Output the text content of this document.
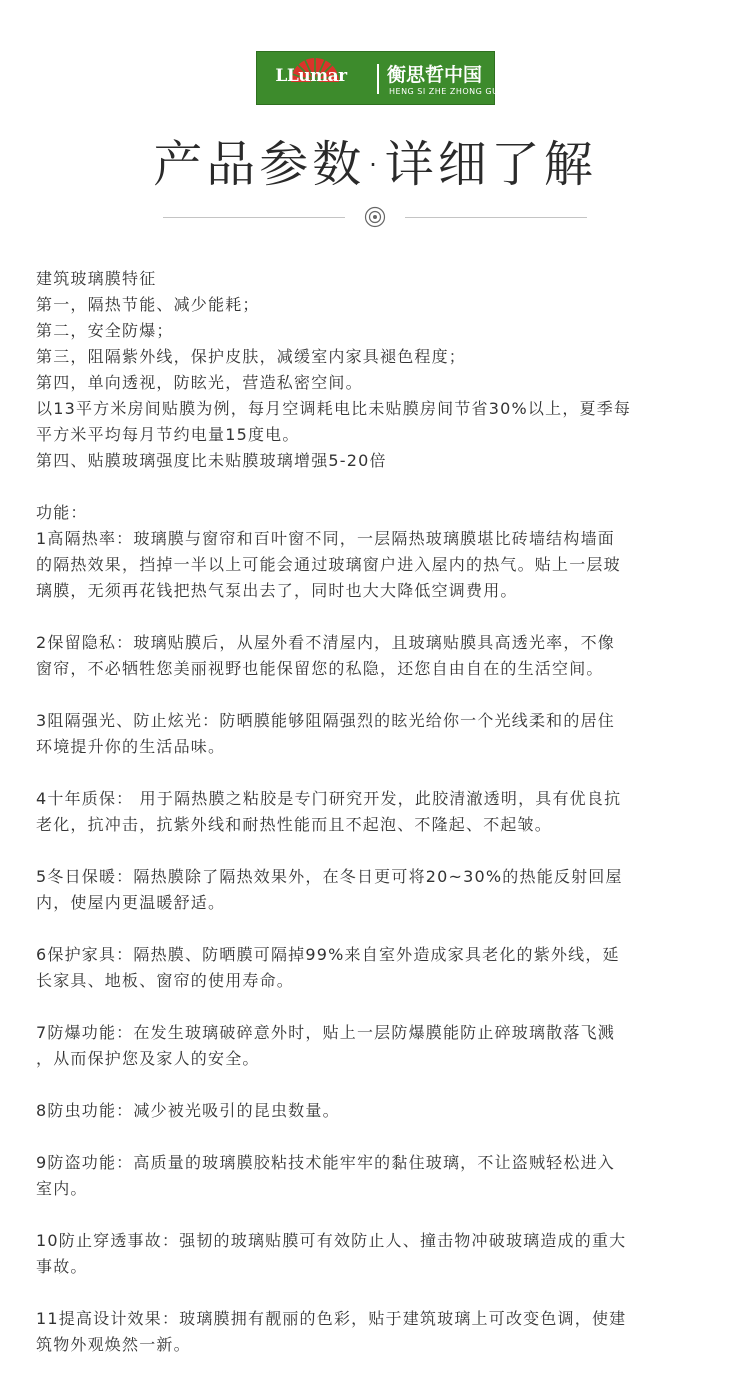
LLumar	衡思哲中国
HENG SI ZHE ZHONG GUO
产品参数·详细了解
建筑玻璃膜特征
第一，隔热节能、减少能耗；
第二，安全防爆；
第三，阻隔紫外线，保护皮肤，减缓室内家具褪色程度；
第四，单向透视，防眩光，营造私密空间。
以13平方米房间贴膜为例，每月空调耗电比未贴膜房间节省30%以上，夏季每
平方米平均每月节约电量15度电。
第四、贴膜玻璃强度比未贴膜玻璃增强5-20倍
功能：
1高隔热率：玻璃膜与窗帘和百叶窗不同，一层隔热玻璃膜堪比砖墙结构墙面
的隔热效果，挡掉一半以上可能会通过玻璃窗户进入屋内的热气。贴上一层玻
璃膜，无须再花钱把热气泵出去了，同时也大大降低空调费用。
2保留隐私：玻璃贴膜后，从屋外看不清屋内，且玻璃贴膜具高透光率，不像
窗帘，不必牺牲您美丽视野也能保留您的私隐，还您自由自在的生活空间。
3阻隔强光、防止炫光：防晒膜能够阻隔强烈的眩光给你一个光线柔和的居住
环境提升你的生活品味。
4十年质保： 用于隔热膜之粘胶是专门研究开发，此胶清澈透明，具有优良抗
老化，抗冲击，抗紫外线和耐热性能而且不起泡、不隆起、不起皱。
5冬日保暖：隔热膜除了隔热效果外，在冬日更可将20~30%的热能反射回屋
内，使屋内更温暖舒适。
6保护家具：隔热膜、防晒膜可隔掉99%来自室外造成家具老化的紫外线，延
长家具、地板、窗帘的使用寿命。
7防爆功能：在发生玻璃破碎意外时，贴上一层防爆膜能防止碎玻璃散落飞溅
，从而保护您及家人的安全。
8防虫功能：减少被光吸引的昆虫数量。
9防盗功能：高质量的玻璃膜胶粘技术能牢牢的黏住玻璃，不让盗贼轻松进入
室内。
10防止穿透事故：强韧的玻璃贴膜可有效防止人、撞击物冲破玻璃造成的重大
事故。
11提高设计效果：玻璃膜拥有靓丽的色彩，贴于建筑玻璃上可改变色调，使建
筑物外观焕然一新。
